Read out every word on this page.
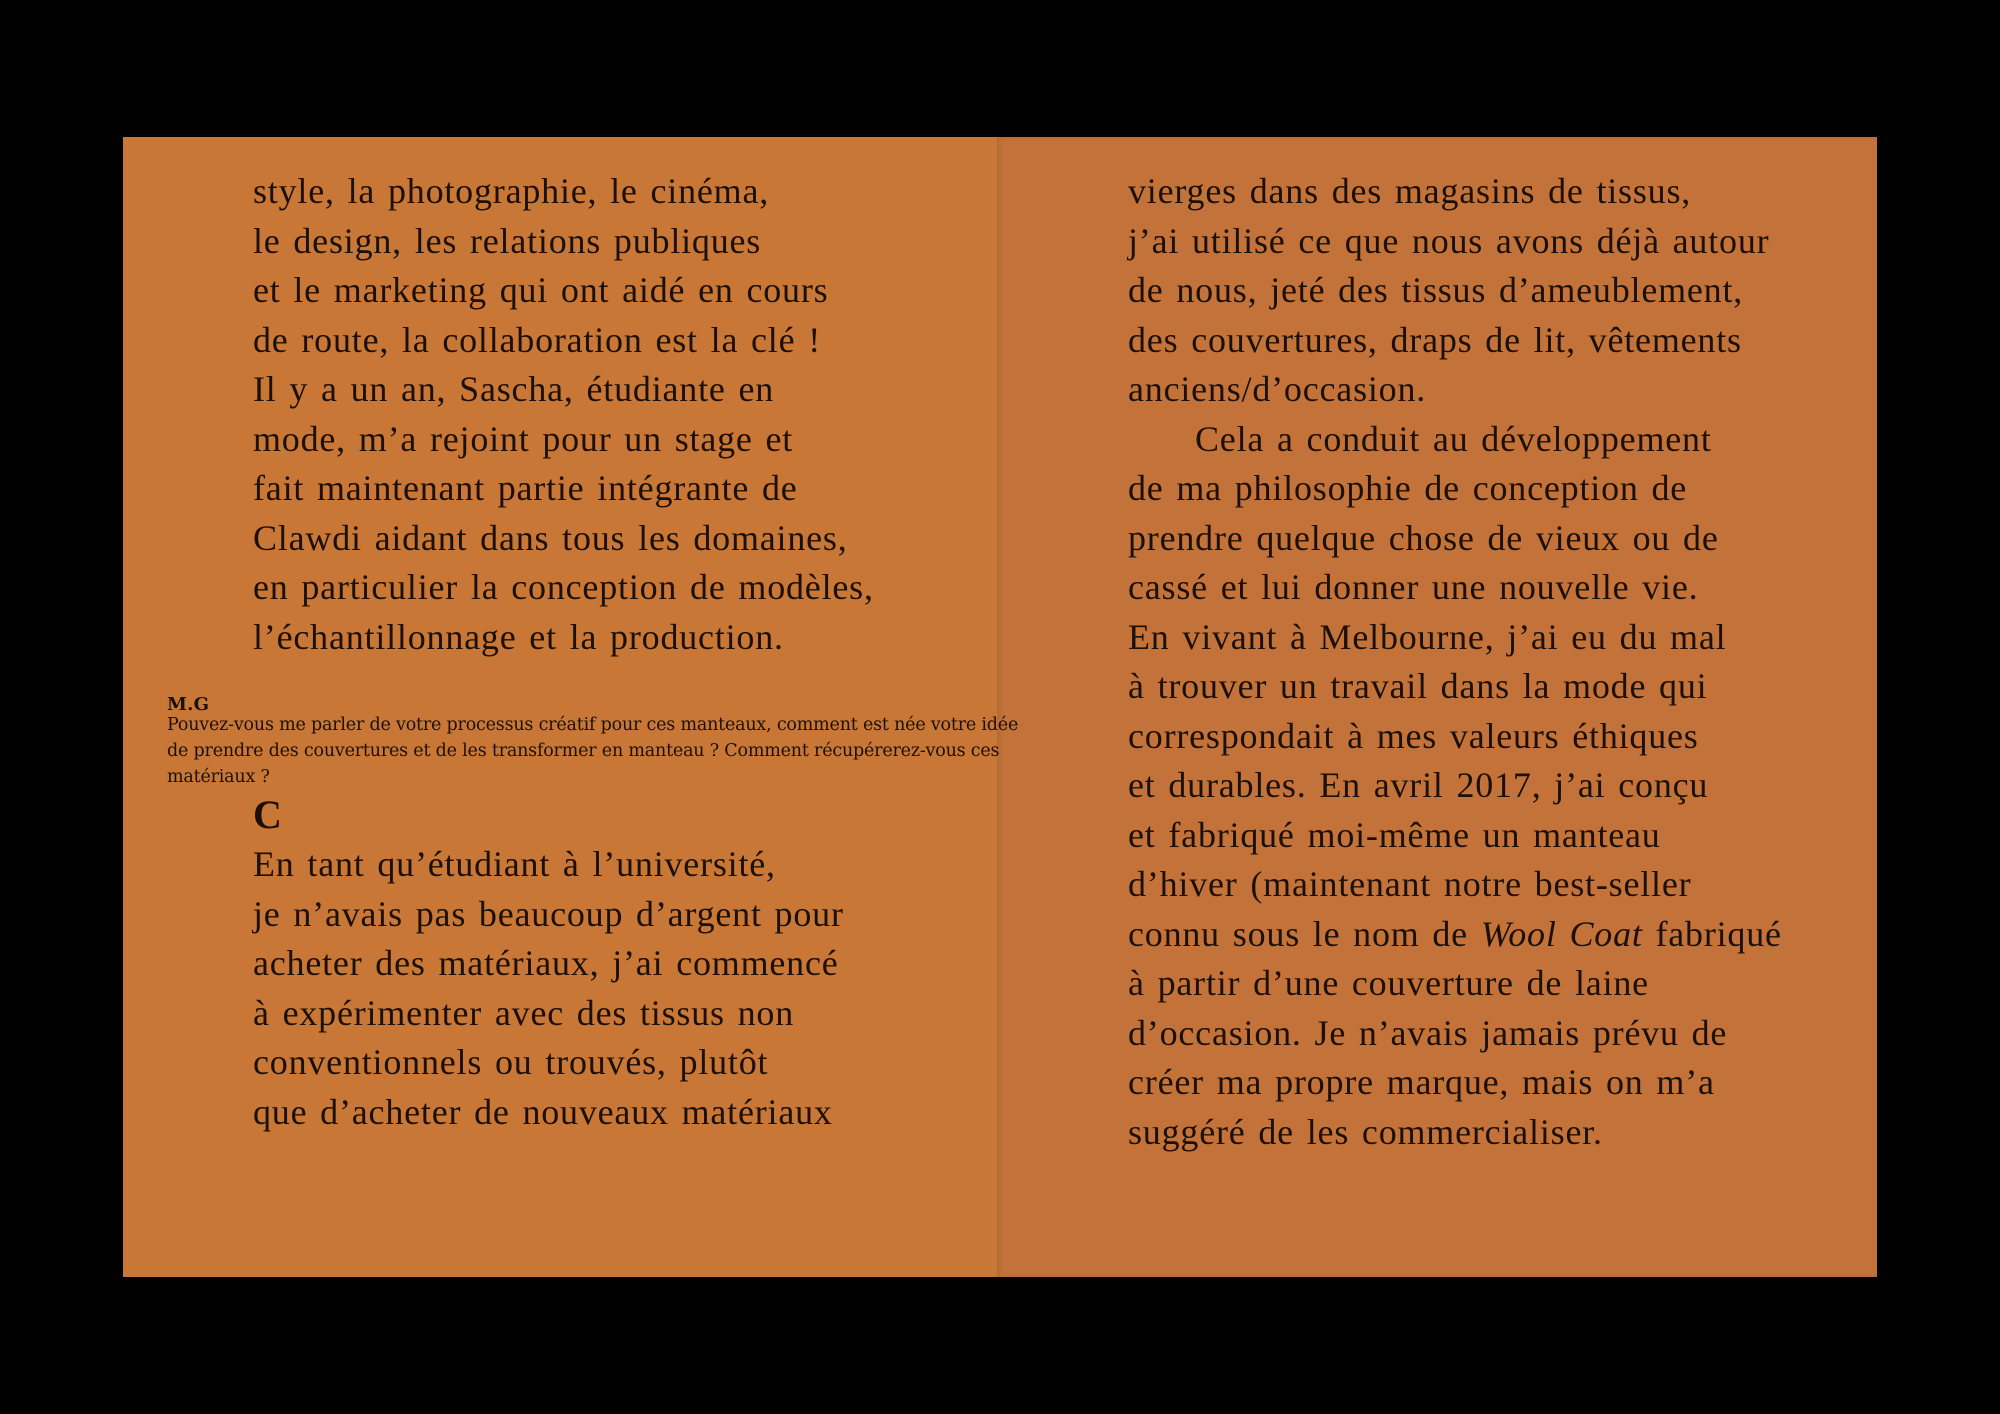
style, la photographie, le cinéma,
le design, les relations publiques
et le marketing qui ont aidé en cours
de route, la collaboration est la clé !
Il y a un an, Sascha, étudiante en
mode, m’a rejoint pour un stage et
fait maintenant partie intégrante de
Clawdi aidant dans tous les domaines,
en particulier la conception de modèles,
l’échantillonnage et la production.
M.G
Pouvez-vous me parler de votre processus créatif pour ces manteaux, comment est née votre idée
de prendre des couvertures et de les transformer en manteau ? Comment récupérerez-vous ces
matériaux ?
C
En tant qu’étudiant à l’université,
je n’avais pas beaucoup d’argent pour
acheter des matériaux, j’ai commencé
à expérimenter avec des tissus non
conventionnels ou trouvés, plutôt
que d’acheter de nouveaux matériaux
vierges dans des magasins de tissus,
j’ai utilisé ce que nous avons déjà autour
de nous, jeté des tissus d’ameublement,
des couvertures, draps de lit, vêtements
anciens/d’occasion.
Cela a conduit au développement
de ma philosophie de conception de
prendre quelque chose de vieux ou de
cassé et lui donner une nouvelle vie.
En vivant à Melbourne, j’ai eu du mal
à trouver un travail dans la mode qui
correspondait à mes valeurs éthiques
et durables. En avril 2017, j’ai conçu
et fabriqué moi-même un manteau
d’hiver (maintenant notre best-seller
connu sous le nom de Wool Coat fabriqué
à partir d’une couverture de laine
d’occasion. Je n’avais jamais prévu de
créer ma propre marque, mais on m’a
suggéré de les commercialiser.
